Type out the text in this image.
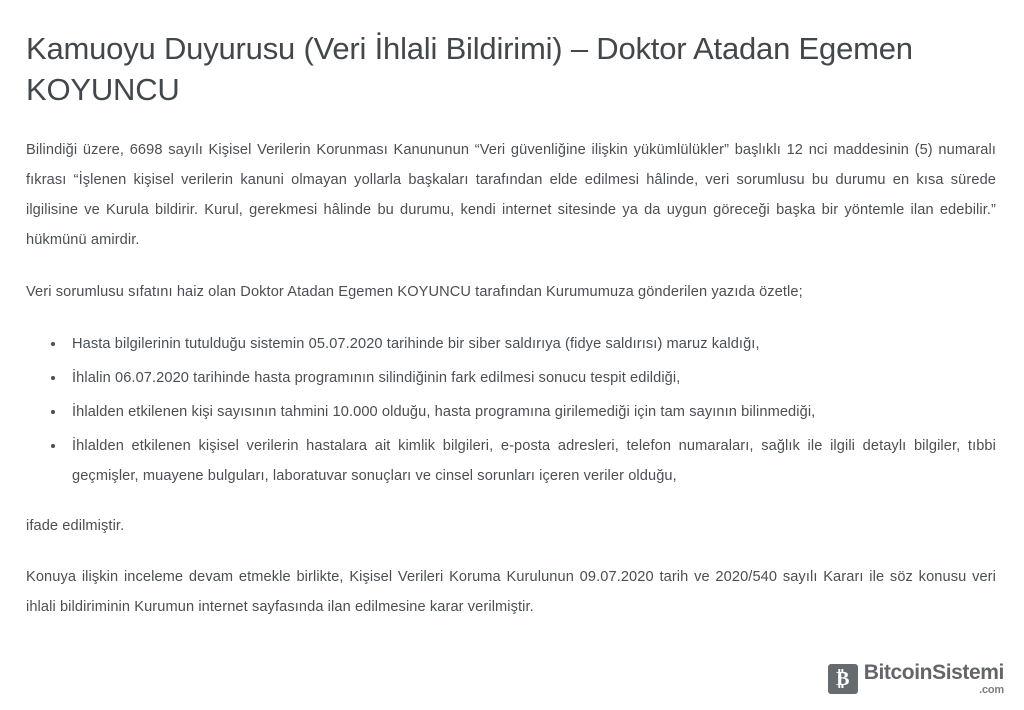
Kamuoyu Duyurusu (Veri İhlali Bildirimi) – Doktor Atadan Egemen KOYUNCU

Bilindiği üzere, 6698 sayılı Kişisel Verilerin Korunması Kanununun “Veri güvenliğine ilişkin yükümlülükler” başlıklı 12 nci maddesinin (5) numaralı fıkrası “İşlenen kişisel verilerin kanuni olmayan yollarla başkaları tarafından elde edilmesi hâlinde, veri sorumlusu bu durumu en kısa sürede ilgilisine ve Kurula bildirir. Kurul, gerekmesi hâlinde bu durumu, kendi internet sitesinde ya da uygun göreceği başka bir yöntemle ilan edebilir.” hükmünü amirdir.

Veri sorumlusu sıfatını haiz olan Doktor Atadan Egemen KOYUNCU tarafından Kurumumuza gönderilen yazıda özetle;

• Hasta bilgilerinin tutulduğu sistemin 05.07.2020 tarihinde bir siber saldırıya (fidye saldırısı) maruz kaldığı,
• İhlalin 06.07.2020 tarihinde hasta programının silindiğinin fark edilmesi sonucu tespit edildiği,
• İhlalden etkilenen kişi sayısının tahmini 10.000 olduğu, hasta programına girilemediği için tam sayının bilinmediği,
• İhlalden etkilenen kişisel verilerin hastalara ait kimlik bilgileri, e-posta adresleri, telefon numaraları, sağlık ile ilgili detaylı bilgiler, tıbbi geçmişler, muayene bulguları, laboratuvar sonuçları ve cinsel sorunları içeren veriler olduğu,

ifade edilmiştir.

Konuya ilişkin inceleme devam etmekle birlikte, Kişisel Verileri Koruma Kurulunun 09.07.2020 tarih ve 2020/540 sayılı Kararı ile söz konusu veri ihlali bildiriminin Kurumun internet sayfasında ilan edilmesine karar verilmiştir.

₿ BitcoinSistemi
.com
